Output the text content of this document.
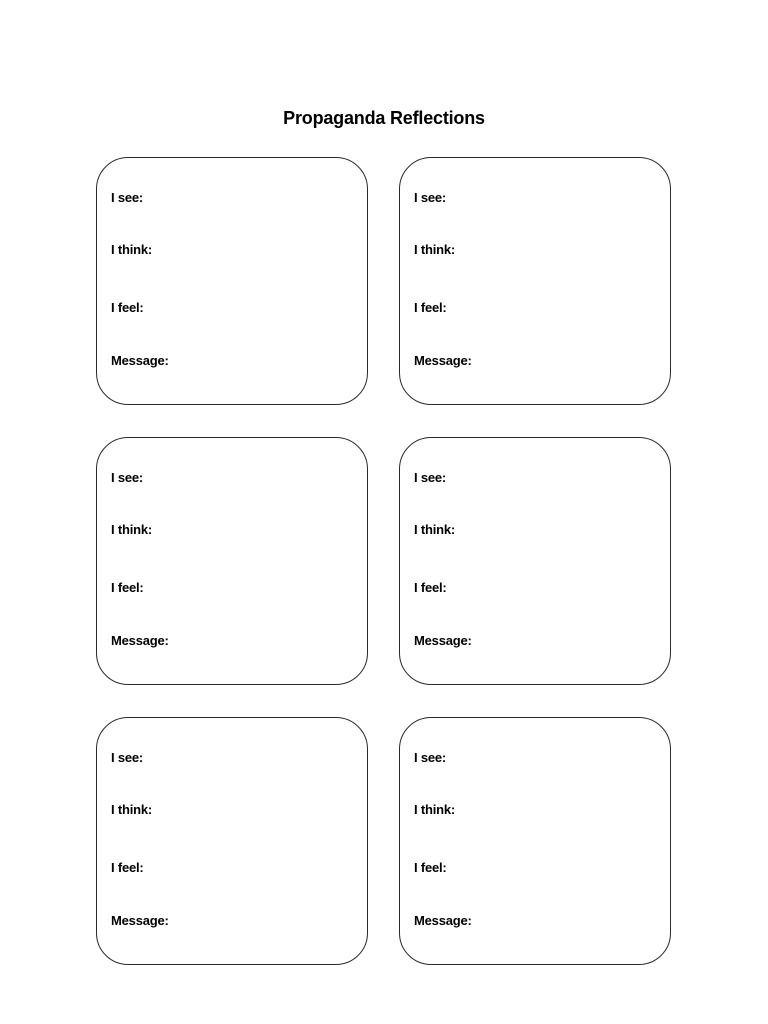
Propaganda Reflections
I see:
I think:
I feel:
Message:
I see:
I think:
I feel:
Message:
I see:
I think:
I feel:
Message:
I see:
I think:
I feel:
Message:
I see:
I think:
I feel:
Message:
I see:
I think:
I feel:
Message:
